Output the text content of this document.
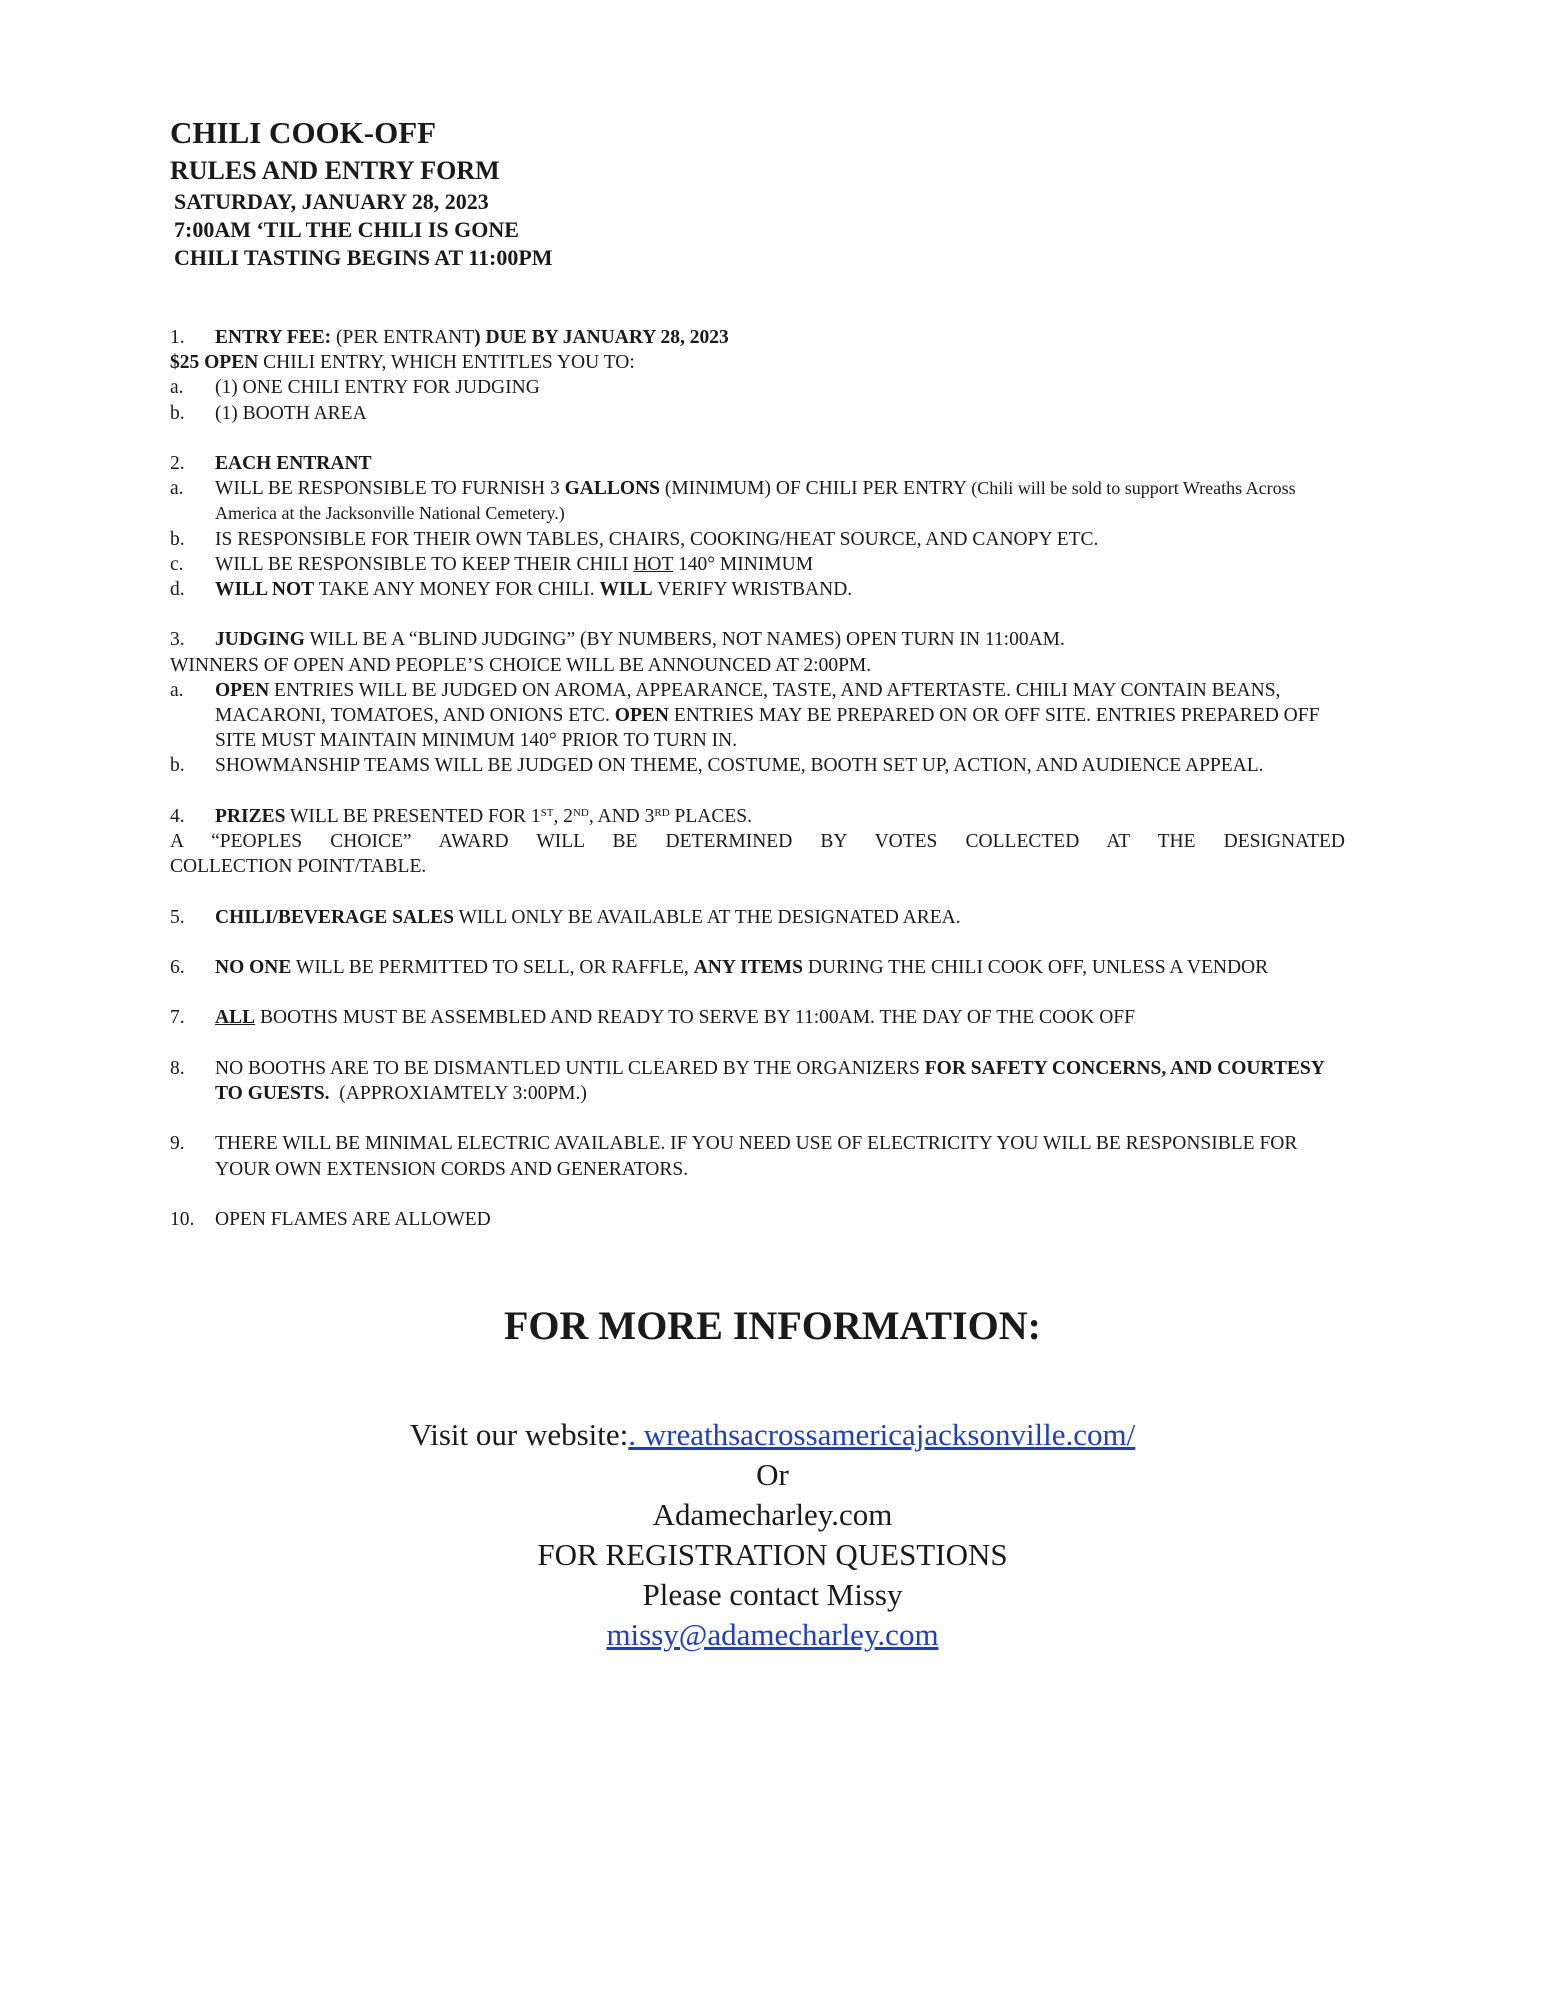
CHILI COOK-OFF
RULES AND ENTRY FORM
SATURDAY, JANUARY 28, 2023
7:00AM ‘TIL THE CHILI IS GONE
CHILI TASTING BEGINS AT 11:00PM
1.	ENTRY FEE: (PER ENTRANT) DUE BY JANUARY 28, 2023
$25 OPEN CHILI ENTRY, WHICH ENTITLES YOU TO:
a.	(1) ONE CHILI ENTRY FOR JUDGING
b.	(1) BOOTH AREA
2.	EACH ENTRANT
a.	WILL BE RESPONSIBLE TO FURNISH 3 GALLONS (MINIMUM) OF CHILI PER ENTRY (Chili will be sold to support Wreaths Across America at the Jacksonville National Cemetery.)
b.	IS RESPONSIBLE FOR THEIR OWN TABLES, CHAIRS, COOKING/HEAT SOURCE, AND CANOPY ETC.
c.	WILL BE RESPONSIBLE TO KEEP THEIR CHILI HOT 140° MINIMUM
d.	WILL NOT TAKE ANY MONEY FOR CHILI. WILL VERIFY WRISTBAND.
3.	JUDGING WILL BE A “BLIND JUDGING” (BY NUMBERS, NOT NAMES) OPEN TURN IN 11:00AM.
WINNERS OF OPEN AND PEOPLE’S CHOICE WILL BE ANNOUNCED AT 2:00PM.
a.	OPEN ENTRIES WILL BE JUDGED ON AROMA, APPEARANCE, TASTE, AND AFTERTASTE. CHILI MAY CONTAIN BEANS, MACARONI, TOMATOES, AND ONIONS ETC. OPEN ENTRIES MAY BE PREPARED ON OR OFF SITE. ENTRIES PREPARED OFF SITE MUST MAINTAIN MINIMUM 140° PRIOR TO TURN IN.
b.	SHOWMANSHIP TEAMS WILL BE JUDGED ON THEME, COSTUME, BOOTH SET UP, ACTION, AND AUDIENCE APPEAL.
4.	PRIZES WILL BE PRESENTED FOR 1ST, 2ND, AND 3RD PLACES.
A “PEOPLES CHOICE” AWARD WILL BE DETERMINED BY VOTES COLLECTED AT THE DESIGNATED
COLLECTION POINT/TABLE.
5.	CHILI/BEVERAGE SALES WILL ONLY BE AVAILABLE AT THE DESIGNATED AREA.
6.	NO ONE WILL BE PERMITTED TO SELL, OR RAFFLE, ANY ITEMS DURING THE CHILI COOK OFF, UNLESS A VENDOR
7.	ALL BOOTHS MUST BE ASSEMBLED AND READY TO SERVE BY 11:00AM. THE DAY OF THE COOK OFF
8.	NO BOOTHS ARE TO BE DISMANTLED UNTIL CLEARED BY THE ORGANIZERS FOR SAFETY CONCERNS, AND COURTESY TO GUESTS.  (APPROXIAMTELY 3:00PM.)
9.	THERE WILL BE MINIMAL ELECTRIC AVAILABLE. IF YOU NEED USE OF ELECTRICITY YOU WILL BE RESPONSIBLE FOR YOUR OWN EXTENSION CORDS AND GENERATORS.
10.	OPEN FLAMES ARE ALLOWED
FOR MORE INFORMATION:
Visit our website:. wreathsacrossamericajacksonville.com/
Or
Adamecharley.com
FOR REGISTRATION QUESTIONS
Please contact Missy
missy@adamecharley.com
